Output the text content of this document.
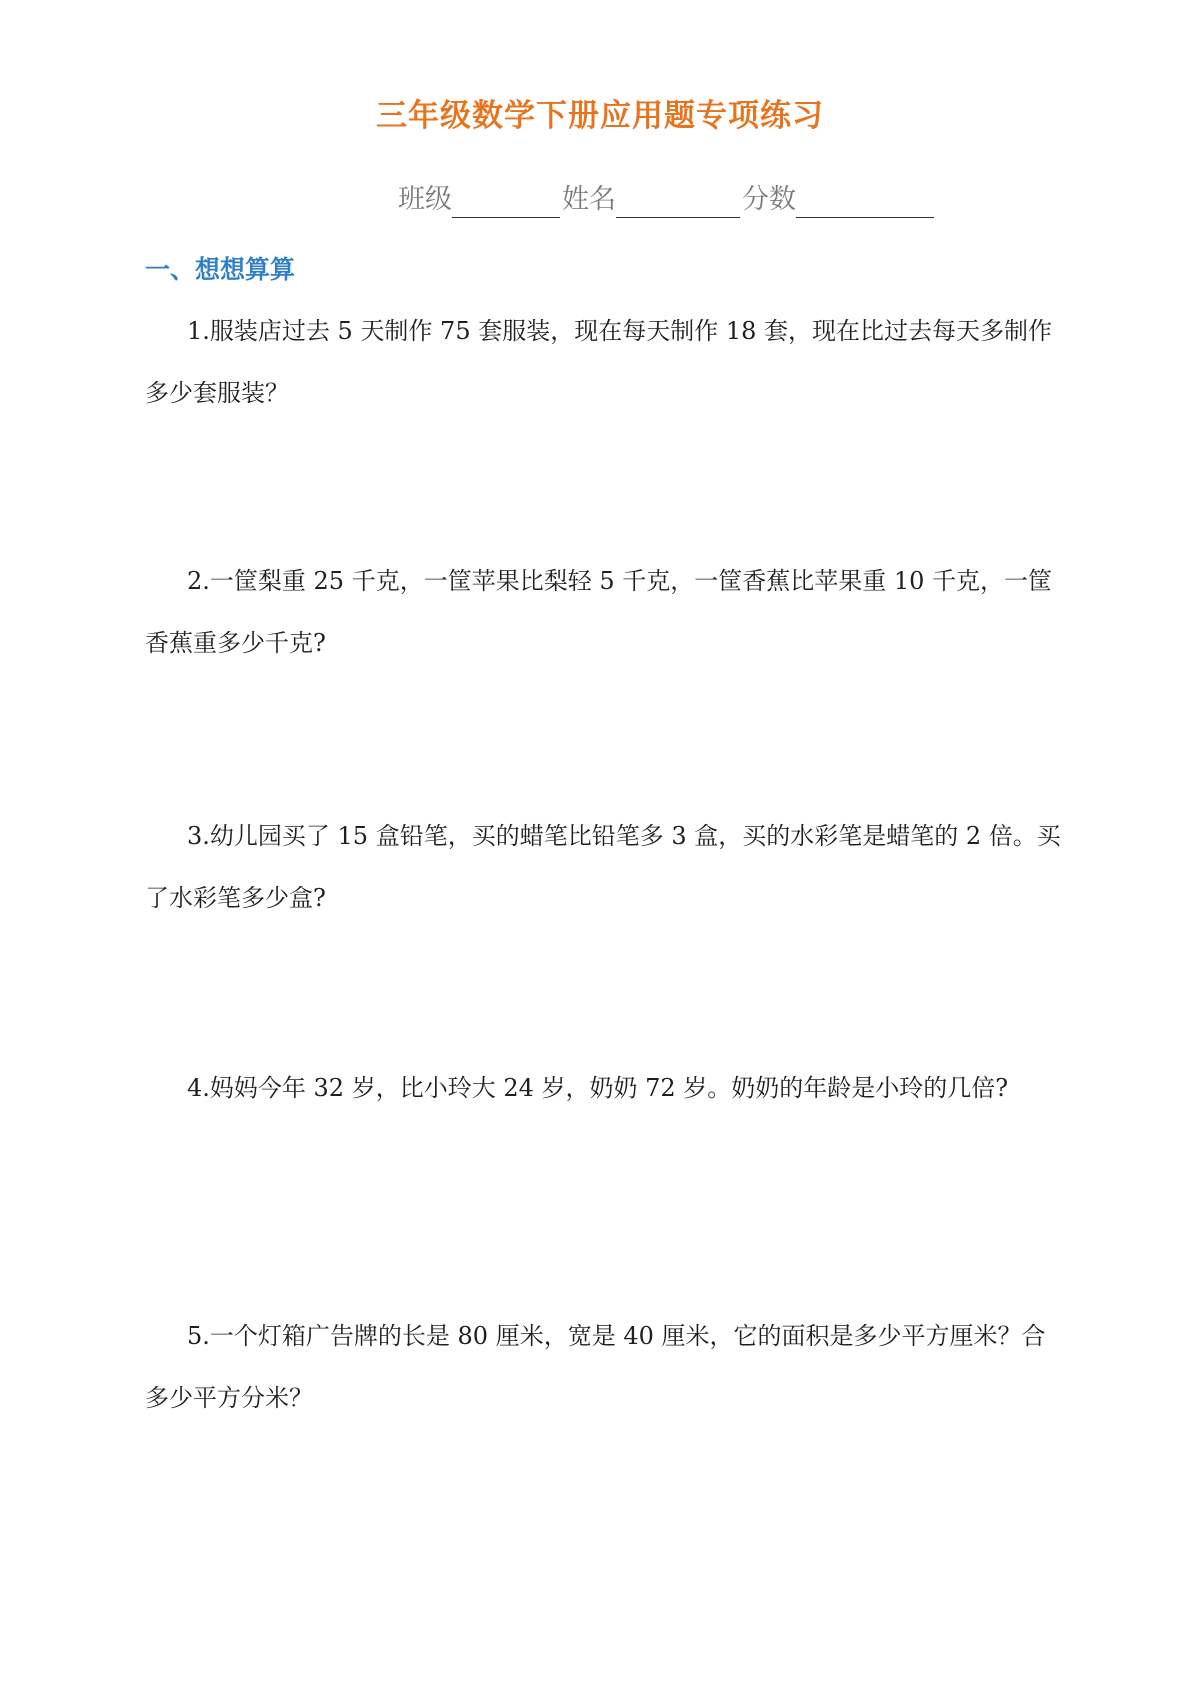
三年级数学下册应用题专项练习
班级	姓名	分数
一、想想算算
1.服装店过去 5 天制作 75 套服装，现在每天制作 18 套，现在比过去每天多制作多少套服装？
2.一筐梨重 25 千克，一筐苹果比梨轻 5 千克，一筐香蕉比苹果重 10 千克，一筐香蕉重多少千克?
3.幼儿园买了 15 盒铅笔，买的蜡笔比铅笔多 3 盒，买的水彩笔是蜡笔的 2 倍。买了水彩笔多少盒?
4.妈妈今年 32 岁，比小玲大 24 岁，奶奶 72 岁。奶奶的年龄是小玲的几倍?
5.一个灯箱广告牌的长是 80 厘米，宽是 40 厘米，它的面积是多少平方厘米？合多少平方分米？
